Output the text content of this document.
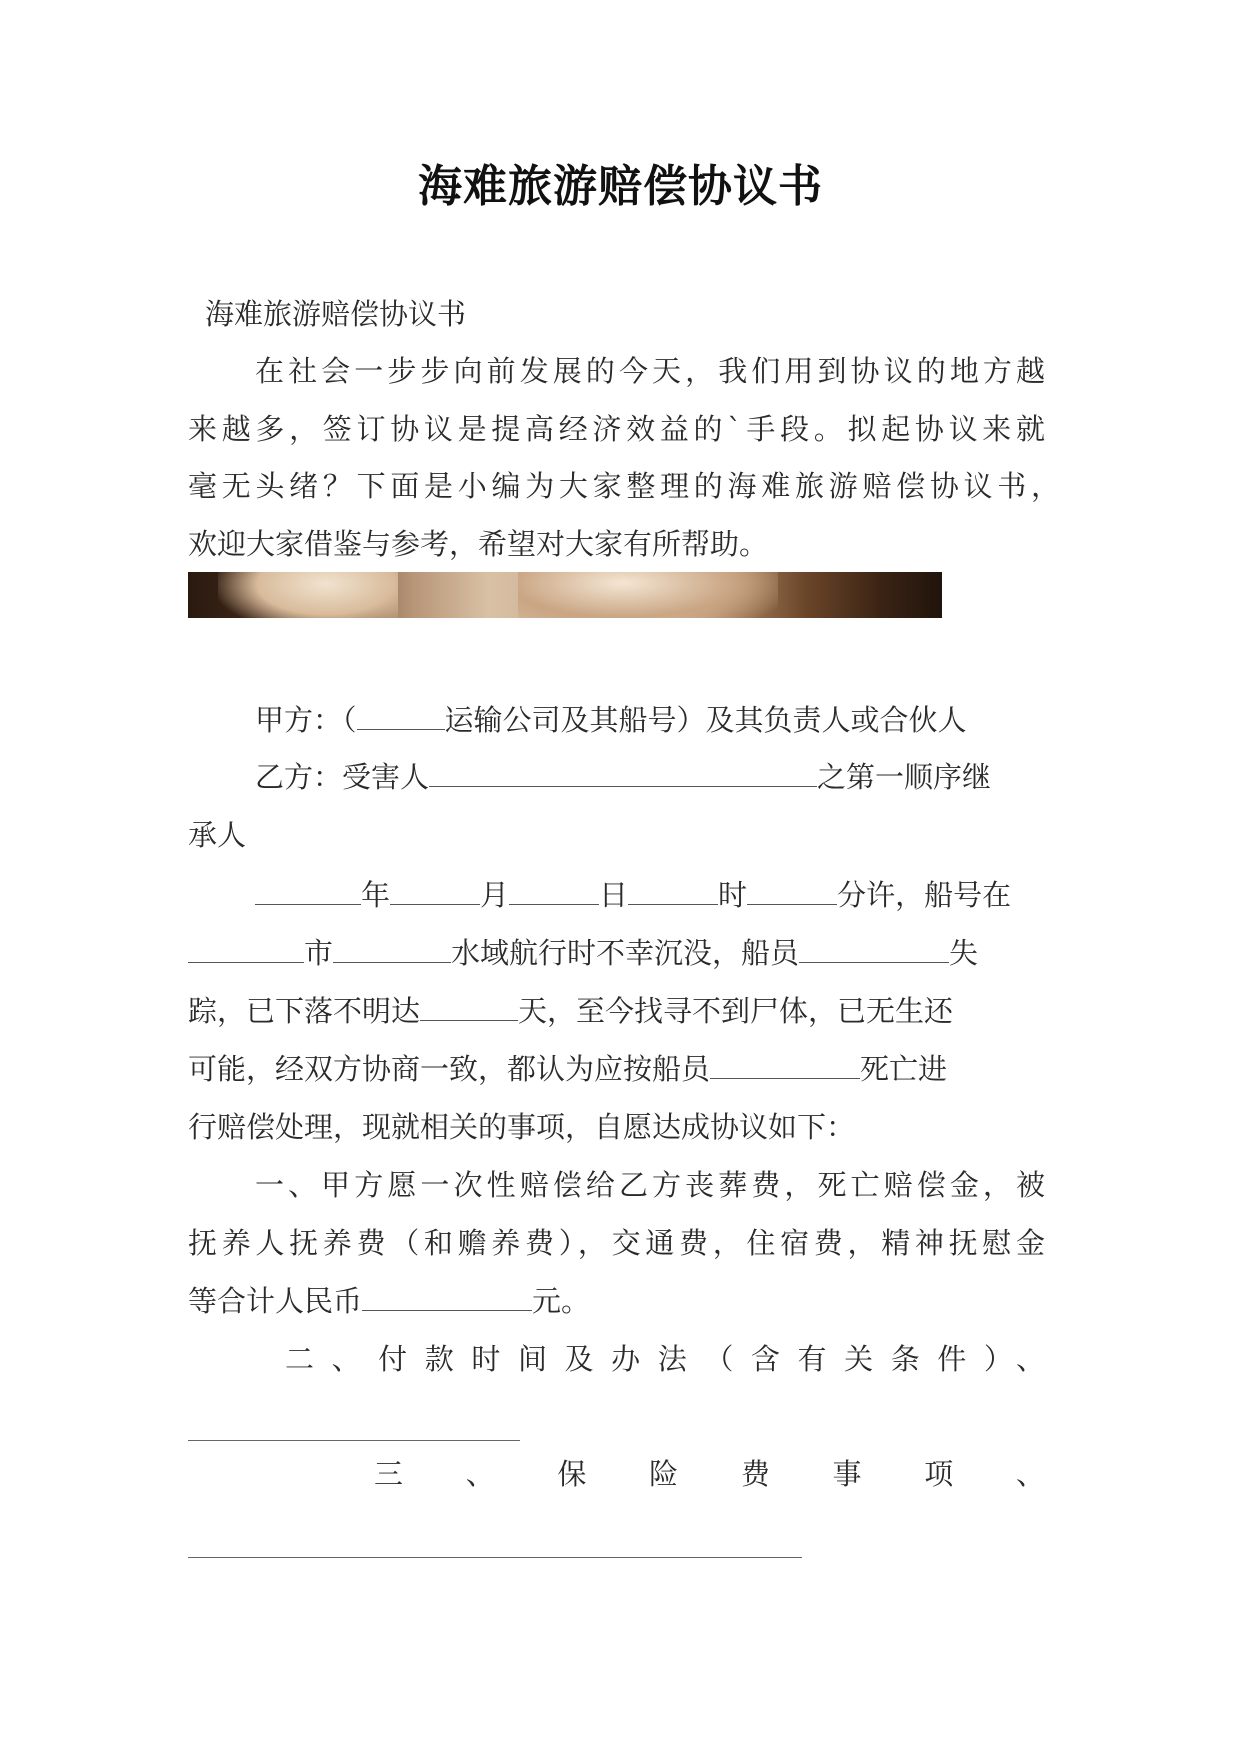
海难旅游赔偿协议书
海难旅游赔偿协议书
在社会一步步向前发展的今天，我们用到协议的地方越
来越多，签订协议是提高经济效益的`手段。拟起协议来就
毫无头绪？下面是小编为大家整理的海难旅游赔偿协议书，
欢迎大家借鉴与参考，希望对大家有所帮助。
甲方：（	运输公司及其船号）及其负责人或合伙人
乙方：受害人	之第一顺序继
承人
年	月	日	时	分许，船号在
市	水域航行时不幸沉没，船员	失
踪，已下落不明达	天，至今找寻不到尸体，已无生还
可能，经双方协商一致，都认为应按船员	死亡进
行赔偿处理，现就相关的事项，自愿达成协议如下：
一、甲方愿一次性赔偿给乙方丧葬费，死亡赔偿金，被
抚养人抚养费（和赡养费），交通费，住宿费，精神抚慰金
等合计人民币	元。
二、付款时间及办法（含有关条件）、
三、保险费事项、
